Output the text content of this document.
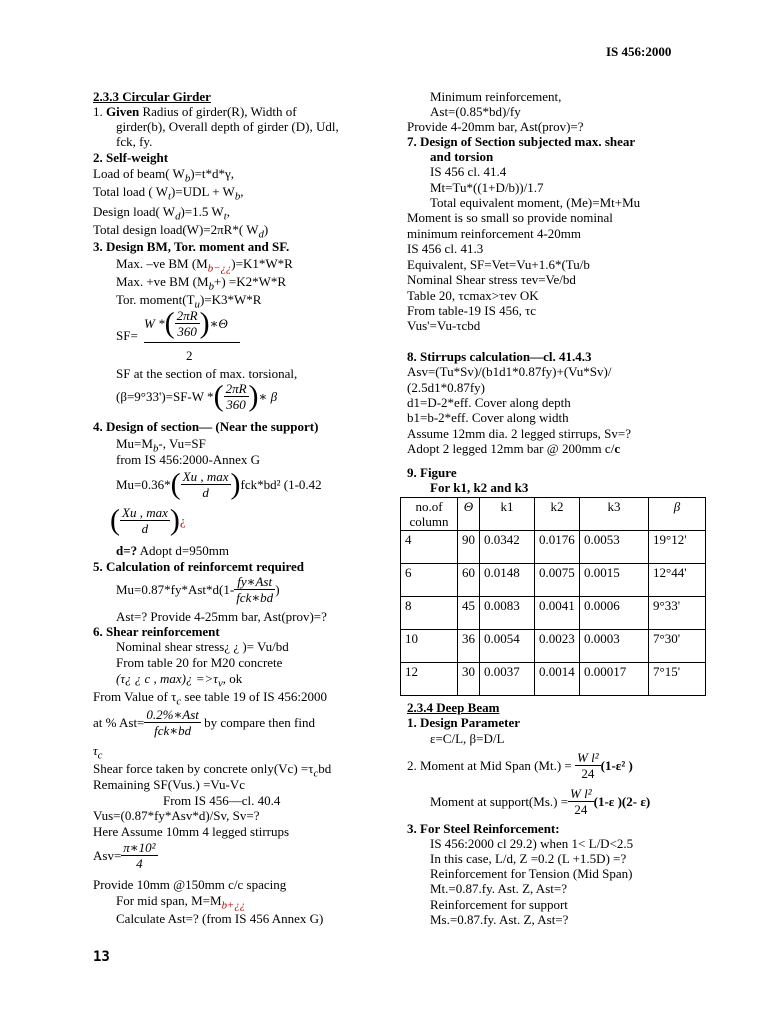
IS 456:2000
2.3.3 Circular Girder
1. Given Radius of girder(R), Width of
girder(b), Overall depth of girder (D), Udl,
fck, fy.
2. Self-weight
Load of beam( $W_b)=t*d*\gamma$,
Total load ( $W_t)=UDL + W_b$,
Design load( $W_d)=1.5$ $W_t$,
Total design load(W)=2πR*( $W_d$)
3. Design BM, Tor. moment and SF.
Max. –ve BM $(M_{b-¿¿})=K1*W*R$
Max. +ve BM $(M_b+) =K2*W*R$
Tor. $moment(T_u)=K3*W*R$
SF=
W *( $\frac{2\pi R}{360}$ )∗Θ
2
SF at the section of max. torsional,
(β=9°33')=SF-W *( $\frac{2\pi R}{360}$ )∗ β
4. Design of section— (Near the support)
$Mu=M_b-$, Vu=SF
from IS 456:2000-Annex G
$Mu=0.36*( \frac{Xu , \max}{d} )fck*bd^2$ (1-0.42
( $\frac{Xu , \max}{d}$ )¿
d=? Adopt d=950mm
5. Calculation of reinforcemt required
$Mu=0.87*fy*Ast*d(1- \frac{\text{fy∗Ast}}{\text{fck∗bd}}$ )
Ast=? Provide 4-25mm bar, Ast(prov)=?
6. Shear reinforcement
Nominal shear stress¿ ¿ )= Vu/bd
From table 20 for M20 concrete
(τ¿ ¿ c , max)¿ $=>\tau_v$, ok
From Value of $\tau_c$ see table 19 of IS 456:2000
at % $Ast= \frac{\text{0.2\%∗Ast}}{\text{fck∗bd}}$ by compare then find
$\tau_c$
Shear force taken by concrete only(Vc) $=\tau_cbd$
Remaining SF(Vus.) =Vu-Vc
From IS 456—cl. 40.4
Vus=(0.87*fy*Asv*d)/Sv, Sv=?
Here Assume 10mm 4 legged stirrups
$Asv= \frac{\text{π∗10²}}{4}$
Provide 10mm @150mm c/c spacing
For mid span, $M=M_{b+¿¿}$
Calculate Ast=? (from IS 456 Annex G)
13
Minimum reinforcement,
Ast=(0.85*bd)/fy
Provide 4-20mm bar, Ast(prov)=?
7. Design of Section subjected max. shear
and torsion
IS 456 cl. 41.4
Mt=Tu*((1+D/b))/1.7
Total equivalent moment, (Me)=Mt+Mu
Moment is so small so provide nominal
minimum reinforcement 4-20mm
IS 456 cl. 41.3
Equivalent, SF=Vet=Vu+1.6*(Tu/b
Nominal Shear stress τev=Ve/bd
Table 20, τcmax>τev OK
From table-19 IS 456, τc
Vus'=Vu-τcbd
8. Stirrups calculation—cl. 41.4.3
Asv=(Tu*Sv)/(b1d1*0.87fy)+(Vu*Sv)/
(2.5d1*0.87fy)
d1=D-2*eff. Cover along depth
b1=b-2*eff. Cover along width
Assume 12mm dia. 2 legged stirrups, Sv=?
Adopt 2 legged 12mm bar @ 200mm c/c
9. Figure
For k1, k2 and k3
no.of column	Θ	k1	k2	k3	β
4	90	0.0342	0.0176	0.0053	19°12'
6	60	0.0148	0.0075	0.0015	12°44'
8	45	0.0083	0.0041	0.0006	9°33'
10	36	0.0054	0.0023	0.0003	7°30'
12	30	0.0037	0.0014	0.00017	7°15'
2.3.4 Deep Beam
1. Design Parameter
ε=C/L, β=D/L
2. Moment at Mid Span $(Mt.) = \frac{\text{W l²}}{24} (1-\varepsilon^2$ )
Moment at support(Ms.) = $\frac{\text{W l²}}{24} (1-\varepsilon$ )(2- ε)
3. For Steel Reinforcement:
IS 456:2000 cl 29.2) when 1< L/D<2.5
In this case, L/d, Z =0.2 (L +1.5D) =?
Reinforcement for Tension (Mid Span)
Mt.=0.87.fy. Ast. Z, Ast=?
Reinforcement for support
Ms.=0.87.fy. Ast. Z, Ast=?
